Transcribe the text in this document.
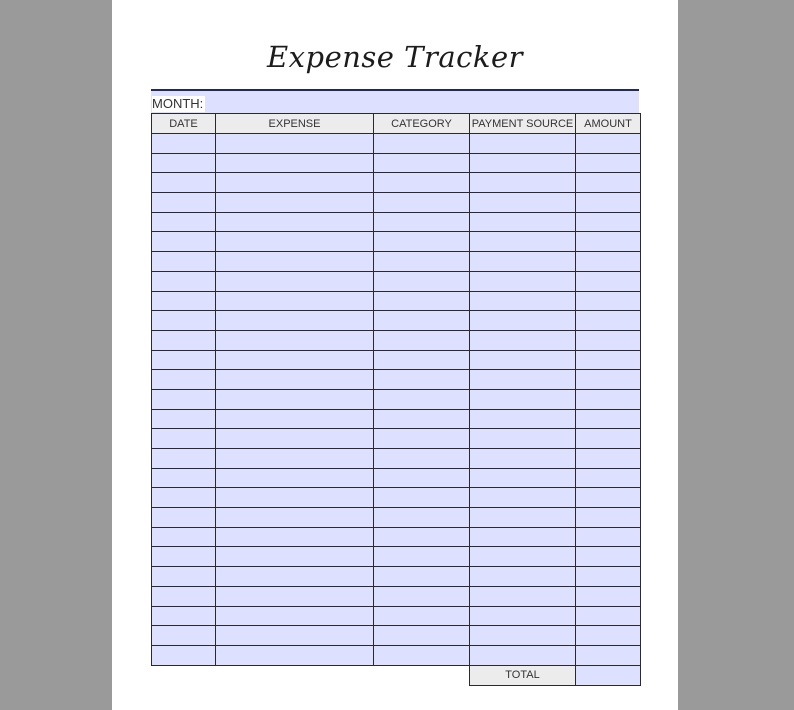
Expense Tracker
MONTH:
DATE	EXPENSE	CATEGORY	PAYMENT SOURCE	AMOUNT

			TOTAL	
